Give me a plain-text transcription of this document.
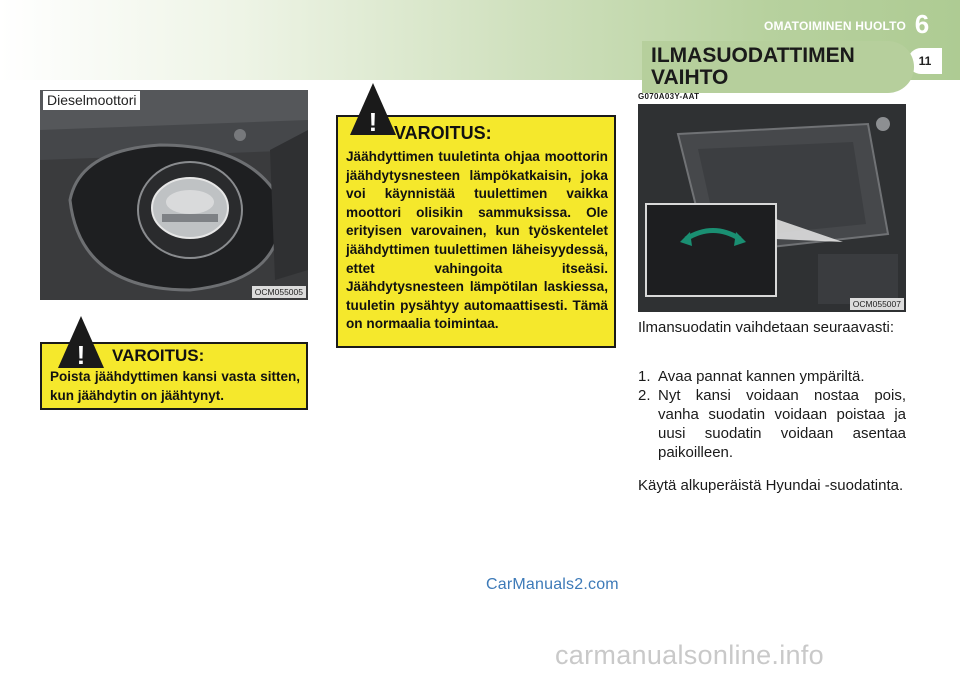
OMATOIMINEN HUOLTO 6
11
ILMASUODATTIMEN
VAIHTO
G070A03Y-AAT
Dieselmoottori
OCM055005
OCM055007
! VAROITUS:
Poista jäähdyttimen kansi vasta sitten, kun jäähdytin on jäähtynyt.
! VAROITUS:
Jäähdyttimen tuuletinta ohjaa moottorin jäähdytysnesteen lämpökatkaisin, joka voi käynnistää tuulettimen vaikka moottori olisikin sammuksissa. Ole erityisen varovainen, kun työskentelet jäähdyttimen tuulettimen läheisyydessä, ettet vahingoita itseäsi. Jäähdytysnesteen lämpötilan laskiessa, tuuletin pysähtyy automaattisesti. Tämä on normaalia toimintaa.	Ilmansuodatin vaihdetaan seuraavasti:
1. Avaa pannat kannen ympäriltä.
2. Nyt kansi voidaan nostaa pois, vanha suodatin voidaan poistaa ja uusi suodatin voidaan asentaa paikoilleen.
Käytä alkuperäistä Hyundai -suodatinta.
CarManuals2.com
carmanualsonline.info
